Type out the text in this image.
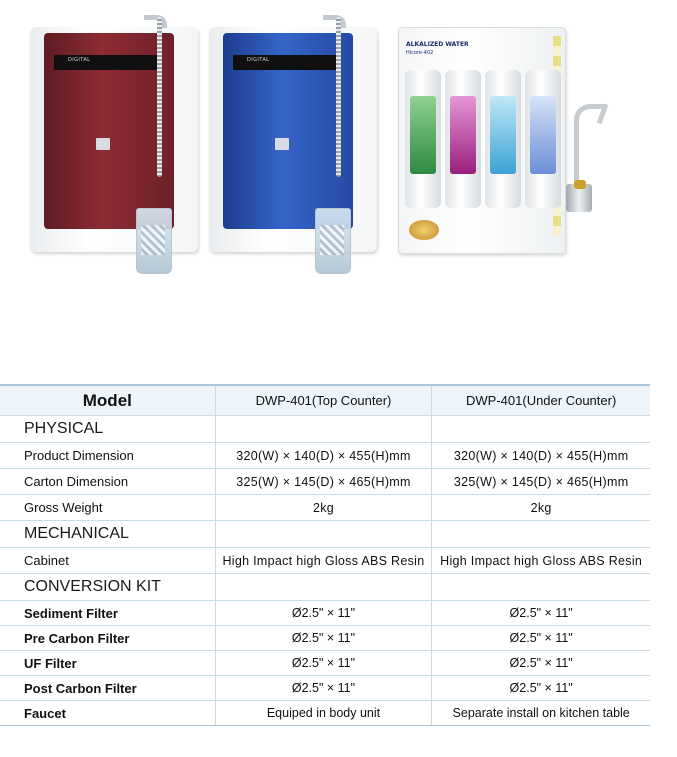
DIGITAL	DIGITAL
ALKALIZED WATER
Hicore-402
Model	DWP-401(Top Counter)	DWP-401(Under Counter)
PHYSICAL		
Product Dimension	320(W) × 140(D) × 455(H)mm	320(W) × 140(D) × 455(H)mm
Carton Dimension	325(W) × 145(D) × 465(H)mm	325(W) × 145(D) × 465(H)mm
Gross Weight	2kg	2kg
MECHANICAL		
Cabinet	High Impact high Gloss ABS Resin	High Impact high Gloss ABS Resin
CONVERSION KIT		
Sediment Filter	Ø2.5" × 11"	Ø2.5" × 11"
Pre Carbon Filter	Ø2.5" × 11"	Ø2.5" × 11"
UF Filter	Ø2.5" × 11"	Ø2.5" × 11"
Post Carbon Filter	Ø2.5" × 11"	Ø2.5" × 11"
Faucet	Equiped in body unit	Separate install on kitchen table
